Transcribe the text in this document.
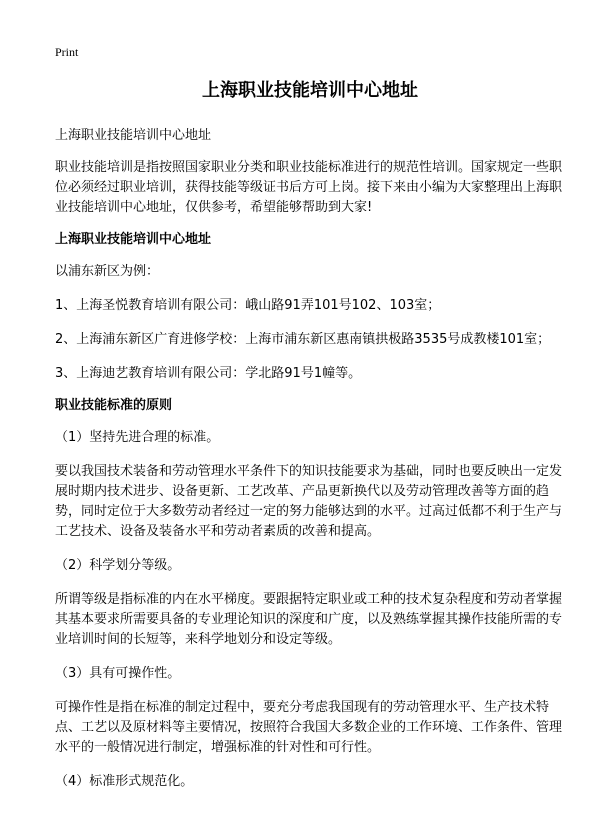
Print
上海职业技能培训中心地址

上海职业技能培训中心地址

职业技能培训是指按照国家职业分类和职业技能标准进行的规范性培训。国家规定一些职位必须经过职业培训，获得技能等级证书后方可上岗。接下来由小编为大家整理出上海职业技能培训中心地址，仅供参考，希望能够帮助到大家!

上海职业技能培训中心地址

以浦东新区为例：

1、上海圣悦教育培训有限公司：峨山路91弄101号102、103室；

2、上海浦东新区广育进修学校：上海市浦东新区惠南镇拱极路3535号成教楼101室；

3、上海迪艺教育培训有限公司：学北路91号1幢等。

职业技能标准的原则

（1）坚持先进合理的标准。

要以我国技术装备和劳动管理水平条件下的知识技能要求为基础，同时也要反映出一定发展时期内技术进步、设备更新、工艺改革、产品更新换代以及劳动管理改善等方面的趋势，同时定位于大多数劳动者经过一定的努力能够达到的水平。过高过低都不利于生产与工艺技术、设备及装备水平和劳动者素质的改善和提高。

（2）科学划分等级。

所谓等级是指标准的内在水平梯度。要跟据特定职业或工种的技术复杂程度和劳动者掌握其基本要求所需要具备的专业理论知识的深度和广度，以及熟练掌握其操作技能所需的专业培训时间的长短等，来科学地划分和设定等级。

（3）具有可操作性。

可操作性是指在标准的制定过程中，要充分考虑我国现有的劳动管理水平、生产技术特点、工艺以及原材料等主要情况，按照符合我国大多数企业的工作环境、工作条件、管理水平的一般情况进行制定，增强标准的针对性和可行性。

（4）标准形式规范化。
